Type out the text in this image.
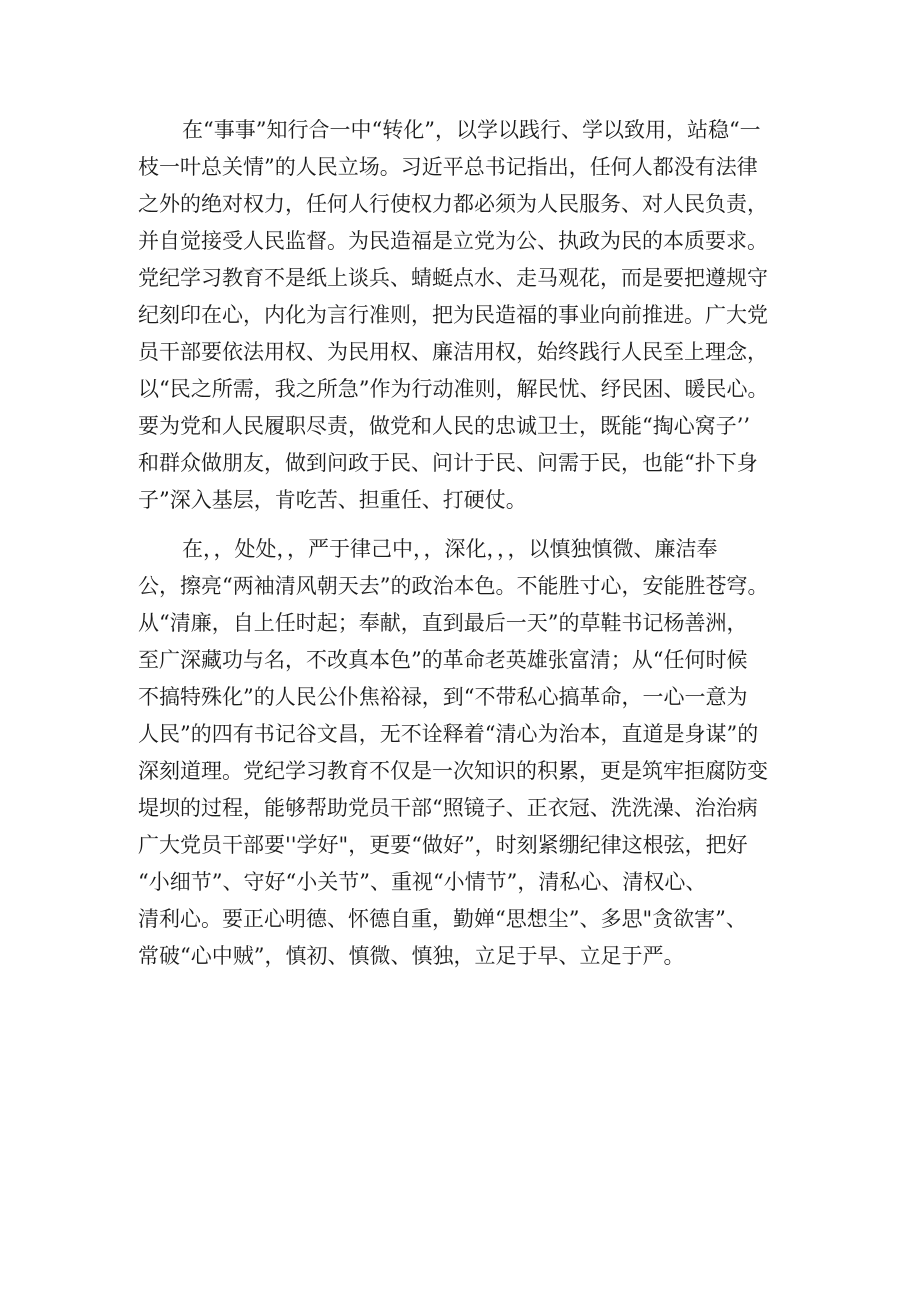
在“事事”知行合一中“转化”，以学以践行、学以致用，站稳“一
枝一叶总关情”的人民立场。习近平总书记指出，任何人都没有法律
之外的绝对权力，任何人行使权力都必须为人民服务、对人民负责，
并自觉接受人民监督。为民造福是立党为公、执政为民的本质要求。
党纪学习教育不是纸上谈兵、蜻蜓点水、走马观花，而是要把遵规守
纪刻印在心，内化为言行准则，把为民造福的事业向前推进。广大党
员干部要依法用权、为民用权、廉洁用权，始终践行人民至上理念，
以“民之所需，我之所急”作为行动准则，解民忧、纾民困、暖民心。
要为党和人民履职尽责，做党和人民的忠诚卫士，既能“掏心窝子’’
和群众做朋友，做到问政于民、问计于民、问需于民，也能“扑下身
子”深入基层，肯吃苦、担重任、打硬仗。
在，，处处，，严于律己中，，深化，，，以慎独慎微、廉洁奉
公，擦亮“两袖清风朝天去”的政治本色。不能胜寸心，安能胜苍穹。
从“清廉，自上任时起；奉献，直到最后一天”的草鞋书记杨善洲，
至广深藏功与名，不改真本色”的革命老英雄张富清；从“任何时候
不搞特殊化”的人民公仆焦裕禄，到“不带私心搞革命，一心一意为
人民”的四有书记谷文昌，无不诠释着“清心为治本，直道是身谋”的
深刻道理。党纪学习教育不仅是一次知识的积累，更是筑牢拒腐防变
堤坝的过程，能够帮助党员干部“照镜子、正衣冠、洗洗澡、治治病
广大党员干部要''学好"，更要“做好”，时刻紧绷纪律这根弦，把好
“小细节”、守好“小关节”、重视“小情节”，清私心、清权心、
清利心。要正心明德、怀德自重，勤婵“思想尘”、多思"贪欲害”、
常破“心中贼”，慎初、慎微、慎独，立足于早、立足于严。
